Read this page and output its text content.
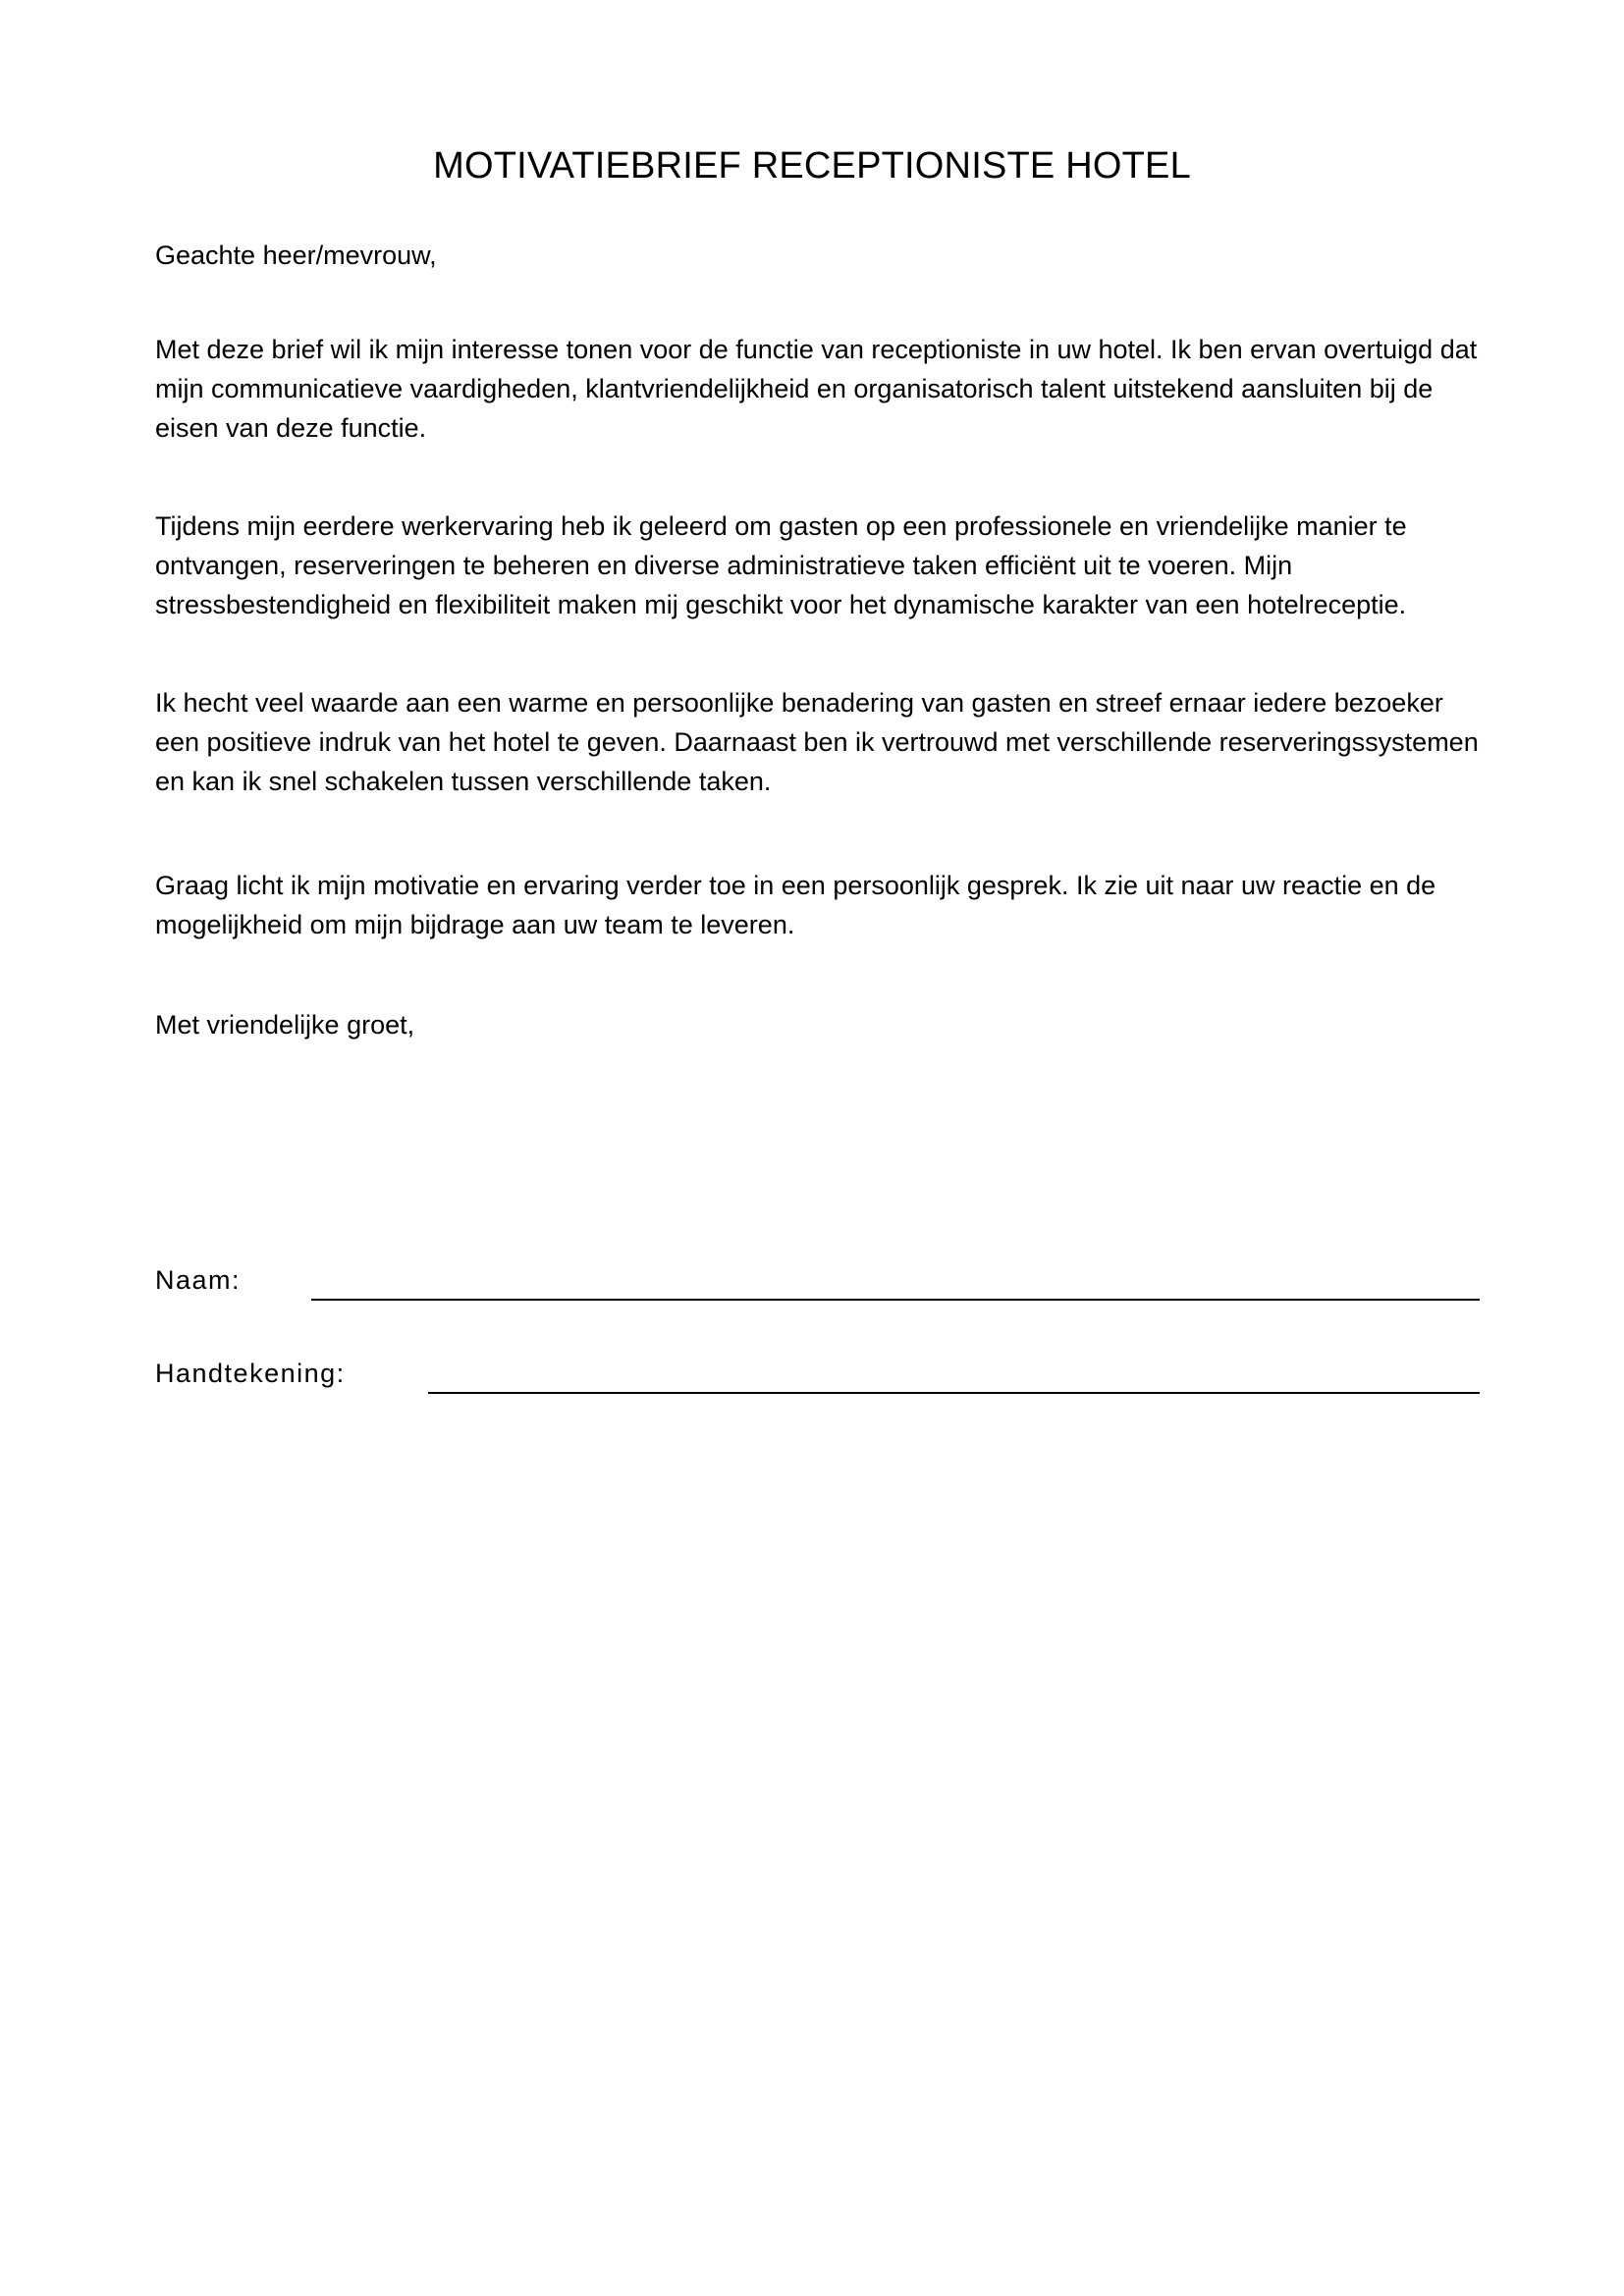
MOTIVATIEBRIEF RECEPTIONISTE HOTEL

Geachte heer/mevrouw,

Met deze brief wil ik mijn interesse tonen voor de functie van receptioniste in uw hotel. Ik ben ervan overtuigd dat mijn communicatieve vaardigheden, klantvriendelijkheid en organisatorisch talent uitstekend aansluiten bij de eisen van deze functie.

Tijdens mijn eerdere werkervaring heb ik geleerd om gasten op een professionele en vriendelijke manier te ontvangen, reserveringen te beheren en diverse administratieve taken efficiënt uit te voeren. Mijn stressbestendigheid en flexibiliteit maken mij geschikt voor het dynamische karakter van een hotelreceptie.

Ik hecht veel waarde aan een warme en persoonlijke benadering van gasten en streef ernaar iedere bezoeker een positieve indruk van het hotel te geven. Daarnaast ben ik vertrouwd met verschillende reserveringssystemen en kan ik snel schakelen tussen verschillende taken.

Graag licht ik mijn motivatie en ervaring verder toe in een persoonlijk gesprek. Ik zie uit naar uw reactie en de mogelijkheid om mijn bijdrage aan uw team te leveren.

Met vriendelijke groet,

Naam:
Handtekening:
